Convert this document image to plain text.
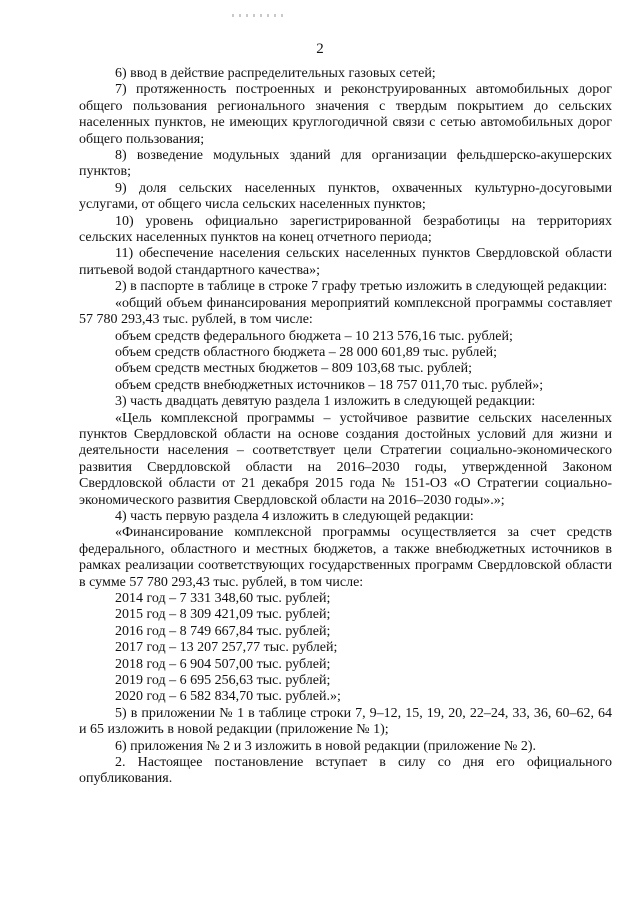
2

6) ввод в действие распределительных газовых сетей;

7) протяженность построенных и реконструированных автомобильных дорог общего пользования регионального значения с твердым покрытием до сельских населенных пунктов, не имеющих круглогодичной связи с сетью автомобильных дорог общего пользования;

8) возведение модульных зданий для организации фельдшерско-акушерских пунктов;

9) доля сельских населенных пунктов, охваченных культурно-досуговыми услугами, от общего числа сельских населенных пунктов;

10) уровень официально зарегистрированной безработицы на территориях сельских населенных пунктов на конец отчетного периода;

11) обеспечение населения сельских населенных пунктов Свердловской области питьевой водой стандартного качества»;

2) в паспорте в таблице в строке 7 графу третью изложить в следующей редакции:

«общий объем финансирования мероприятий комплексной программы составляет 57 780 293,43 тыс. рублей, в том числе:

объем средств федерального бюджета – 10 213 576,16 тыс. рублей;

объем средств областного бюджета – 28 000 601,89 тыс. рублей;

объем средств местных бюджетов – 809 103,68 тыс. рублей;

объем средств внебюджетных источников – 18 757 011,70 тыс. рублей»;

3) часть двадцать девятую раздела 1 изложить в следующей редакции:

«Цель комплексной программы – устойчивое развитие сельских населенных пунктов Свердловской области на основе создания достойных условий для жизни и деятельности населения – соответствует цели Стратегии социально-экономического развития Свердловской области на 2016–2030 годы, утвержденной Законом Свердловской области от 21 декабря 2015 года № 151-ОЗ «О Стратегии социально-экономического развития Свердловской области на 2016–2030 годы».»;

4) часть первую раздела 4 изложить в следующей редакции:

«Финансирование комплексной программы осуществляется за счет средств федерального, областного и местных бюджетов, а также внебюджетных источников в рамках реализации соответствующих государственных программ Свердловской области в сумме 57 780 293,43 тыс. рублей, в том числе:

2014 год – 7 331 348,60 тыс. рублей;

2015 год – 8 309 421,09 тыс. рублей;

2016 год – 8 749 667,84 тыс. рублей;

2017 год – 13 207 257,77 тыс. рублей;

2018 год – 6 904 507,00 тыс. рублей;

2019 год – 6 695 256,63 тыс. рублей;

2020 год – 6 582 834,70 тыс. рублей.»;

5) в приложении № 1 в таблице строки 7, 9–12, 15, 19, 20, 22–24, 33, 36, 60–62, 64 и 65 изложить в новой редакции (приложение № 1);

6) приложения № 2 и 3 изложить в новой редакции (приложение № 2).

2. Настоящее постановление вступает в силу со дня его официального опубликования.
